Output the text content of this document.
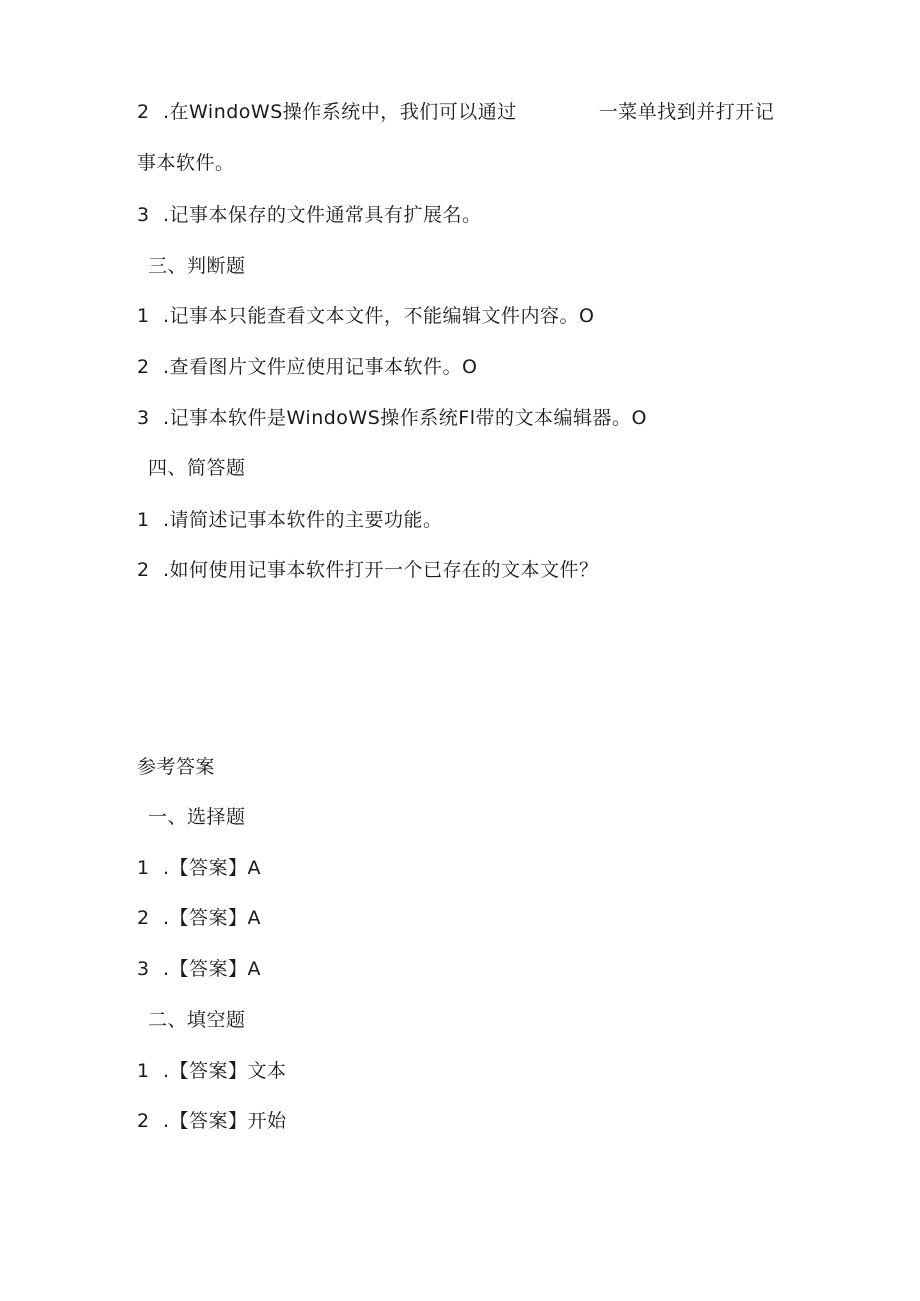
2 .在WindoWS操作系统中，我们可以通过	一菜单找到并打开记
事本软件。
3 .记事本保存的文件通常具有扩展名。
三、判断题
1 .记事本只能查看文本文件，不能编辑文件内容。O
2 .查看图片文件应使用记事本软件。O
3 .记事本软件是WindoWS操作系统Fl带的文本编辑器。O
四、简答题
1 .请简述记事本软件的主要功能。
2 .如何使用记事本软件打开一个已存在的文本文件？
参考答案
一、选择题
1 .【答案】A
2 .【答案】A
3 .【答案】A
二、填空题
1 .【答案】文本
2 .【答案】开始
